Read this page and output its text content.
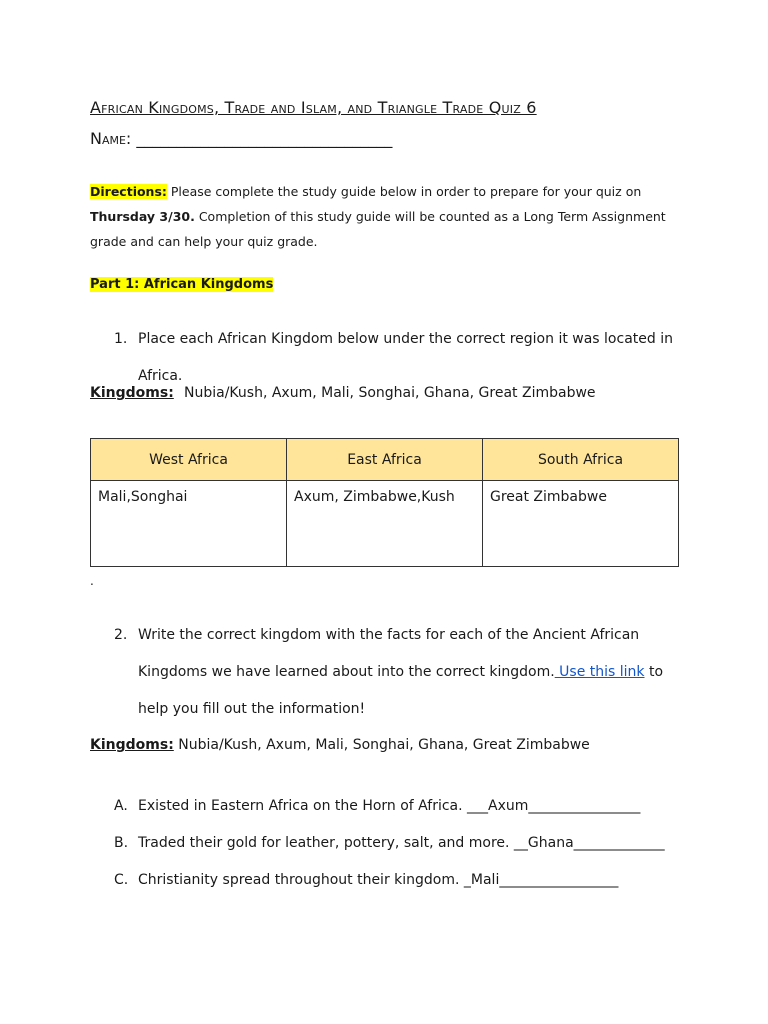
African Kingdoms, Trade and Islam, and Triangle Trade Quiz 6
Name: ________________________________
Directions: Please complete the study guide below in order to prepare for your quiz on Thursday 3/30. Completion of this study guide will be counted as a Long Term Assignment grade and can help your quiz grade.
Part 1: African Kingdoms
1. Place each African Kingdom below under the correct region it was located in Africa.
Kingdoms: Nubia/Kush, Axum, Mali, Songhai, Ghana, Great Zimbabwe
West Africa	East Africa	South Africa
Mali,Songhai	Axum, Zimbabwe,Kush	Great Zimbabwe
.
2. Write the correct kingdom with the facts for each of the Ancient African Kingdoms we have learned about into the correct kingdom. Use this link to help you fill out the information!
Kingdoms: Nubia/Kush, Axum, Mali, Songhai, Ghana, Great Zimbabwe
A. Existed in Eastern Africa on the Horn of Africa. ___Axum________________
B. Traded their gold for leather, pottery, salt, and more. __Ghana_____________
C. Christianity spread throughout their kingdom. _Mali_________________
